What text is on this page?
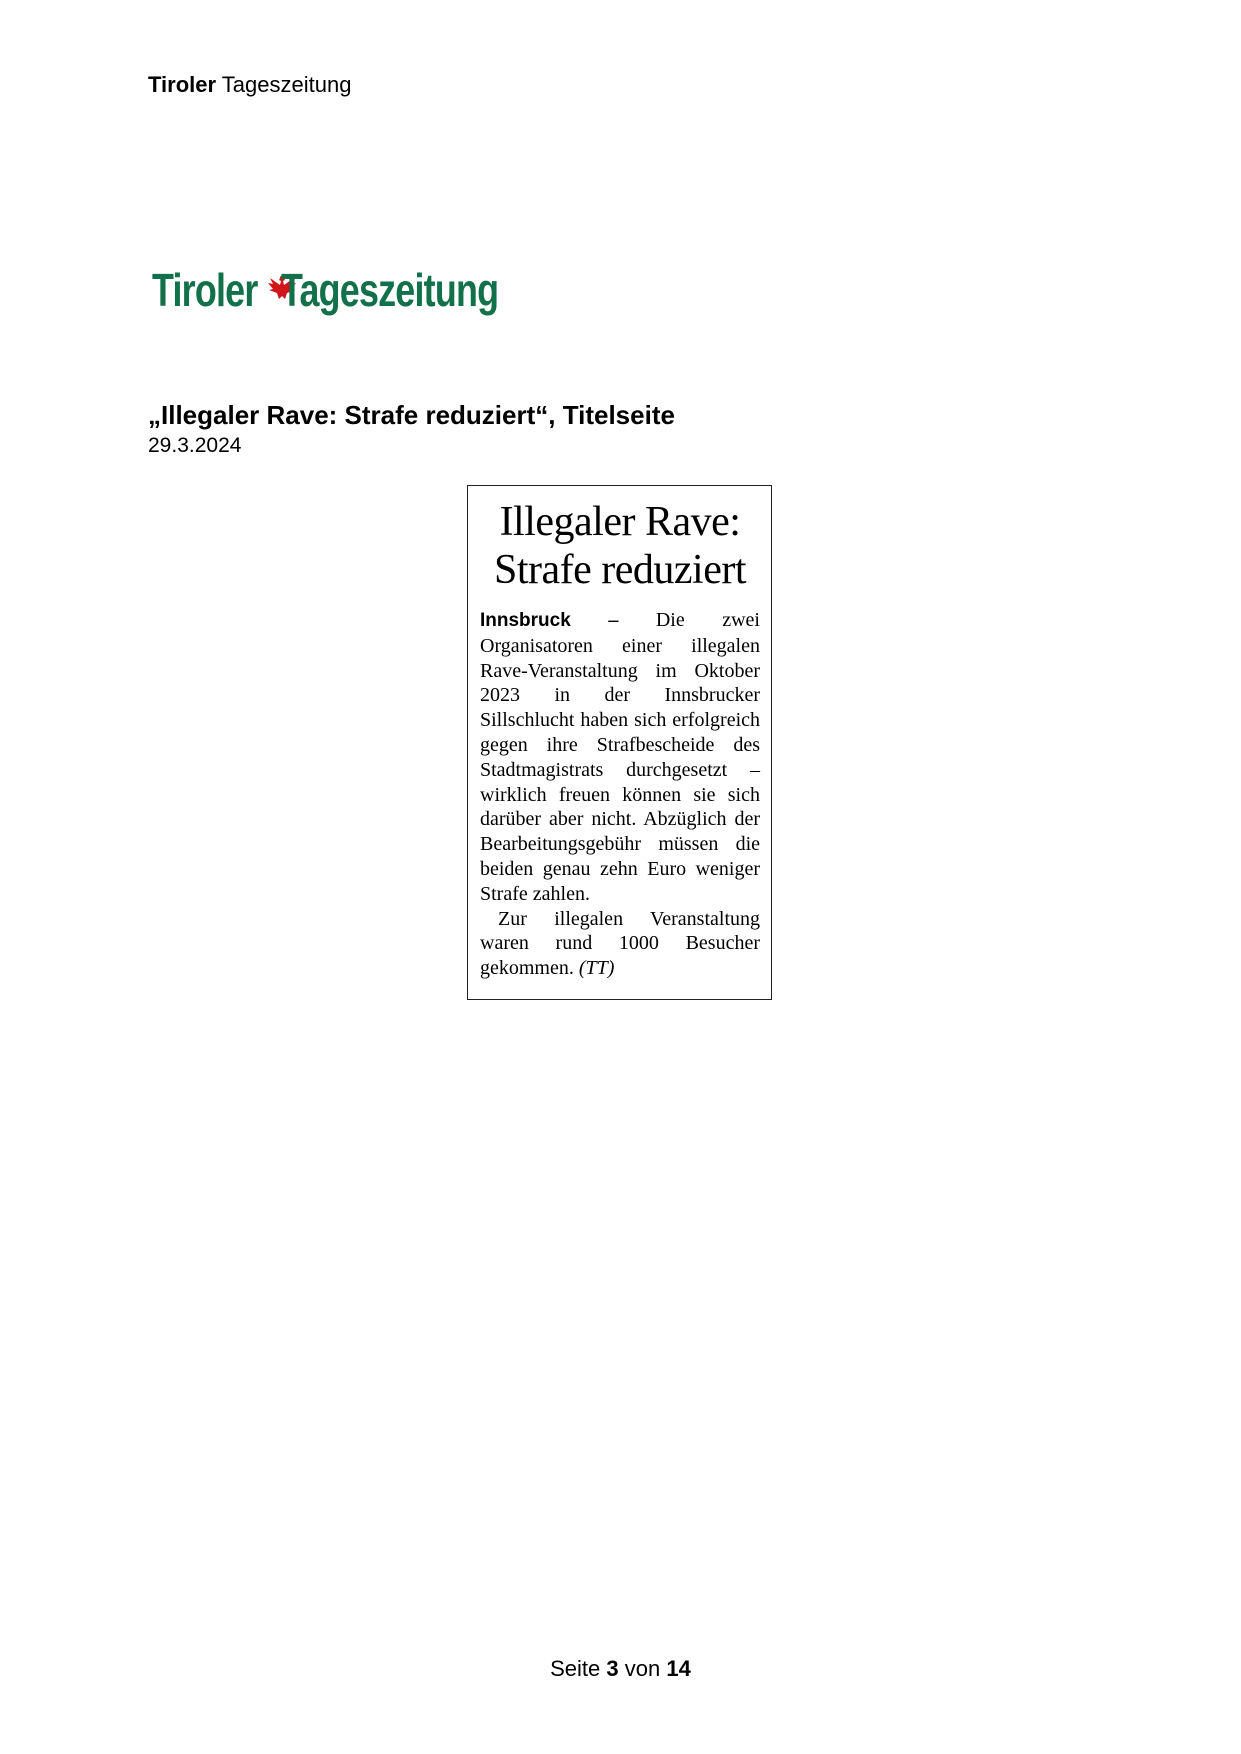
Tiroler Tageszeitung
Tiroler Tageszeitung
„Illegaler Rave: Strafe reduziert“, Titelseite
29.3.2024
Illegaler Rave:
Strafe reduziert

Innsbruck – Die zwei Organisatoren einer illegalen Rave-Veranstaltung im Oktober 2023 in der Innsbrucker Sillschlucht haben sich erfolgreich gegen ihre Strafbescheide des Stadtmagistrats durchgesetzt – wirklich freuen können sie sich darüber aber nicht. Abzüglich der Bearbeitungsgebühr müssen die beiden genau zehn Euro weniger Strafe zahlen.

Zur illegalen Veranstaltung waren rund 1000 Besucher gekommen. (TT)

Seite 3 von 14
